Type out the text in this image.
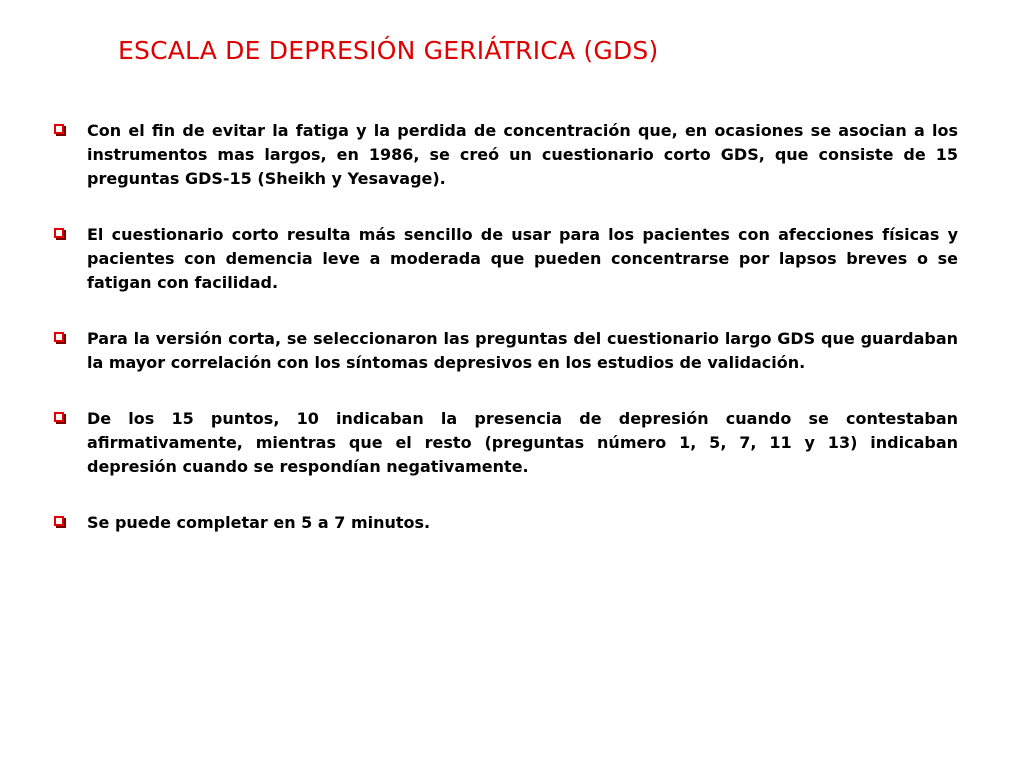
ESCALA DE DEPRESIÓN GERIÁTRICA (GDS)
Con el fin de evitar la fatiga y la perdida de concentración que, en ocasiones se asocian a los instrumentos mas largos, en 1986, se creó un cuestionario corto GDS, que consiste de 15 preguntas GDS-15 (Sheikh y Yesavage).
El cuestionario corto resulta más sencillo de usar para los pacientes con afecciones físicas y pacientes con demencia leve a moderada que pueden concentrarse por lapsos breves o se fatigan con facilidad.
Para la versión corta, se seleccionaron las preguntas del cuestionario largo GDS que guardaban la mayor correlación con los síntomas depresivos en los estudios de validación.
De los 15 puntos, 10 indicaban la presencia de depresión cuando se contestaban afirmativamente, mientras que el resto (preguntas número 1, 5, 7, 11 y 13) indicaban depresión cuando se respondían negativamente.
Se puede completar en 5 a 7 minutos.
